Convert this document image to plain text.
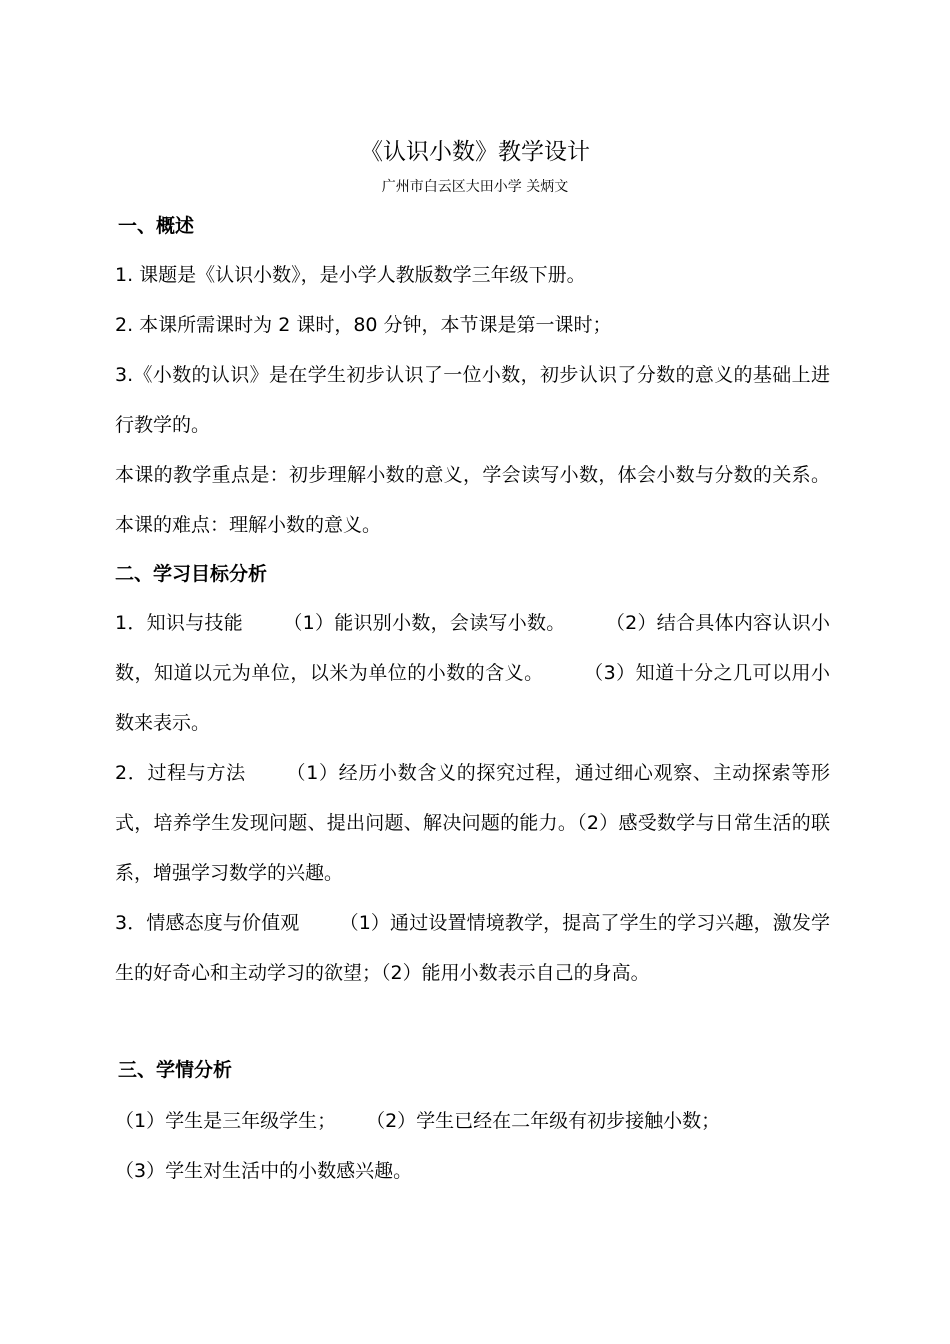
《认识小数》教学设计
广州市白云区大田小学 关炳文
一、概述
1. 课题是《认识小数》，是小学人教版数学三年级下册。
2. 本课所需课时为 2 课时，80 分钟，本节课是第一课时；
3.《小数的认识》是在学生初步认识了一位小数，初步认识了分数的意义的基础上进行教学的。
本课的教学重点是：初步理解小数的意义，学会读写小数，体会小数与分数的关系。本课的难点：理解小数的意义。
二、学习目标分析
1．知识与技能 （1）能识别小数，会读写小数。 （2）结合具体内容认识小数，知道以元为单位，以米为单位的小数的含义。 （3）知道十分之几可以用小数来表示。
2．过程与方法 （1）经历小数含义的探究过程，通过细心观察、主动探索等形式，培养学生发现问题、提出问题、解决问题的能力。（2）感受数学与日常生活的联系，增强学习数学的兴趣。
3．情感态度与价值观 （1）通过设置情境教学，提高了学生的学习兴趣，激发学生的好奇心和主动学习的欲望；（2）能用小数表示自己的身高。
三、学情分析
（1）学生是三年级学生； （2）学生已经在二年级有初步接触小数；
（3）学生对生活中的小数感兴趣。
